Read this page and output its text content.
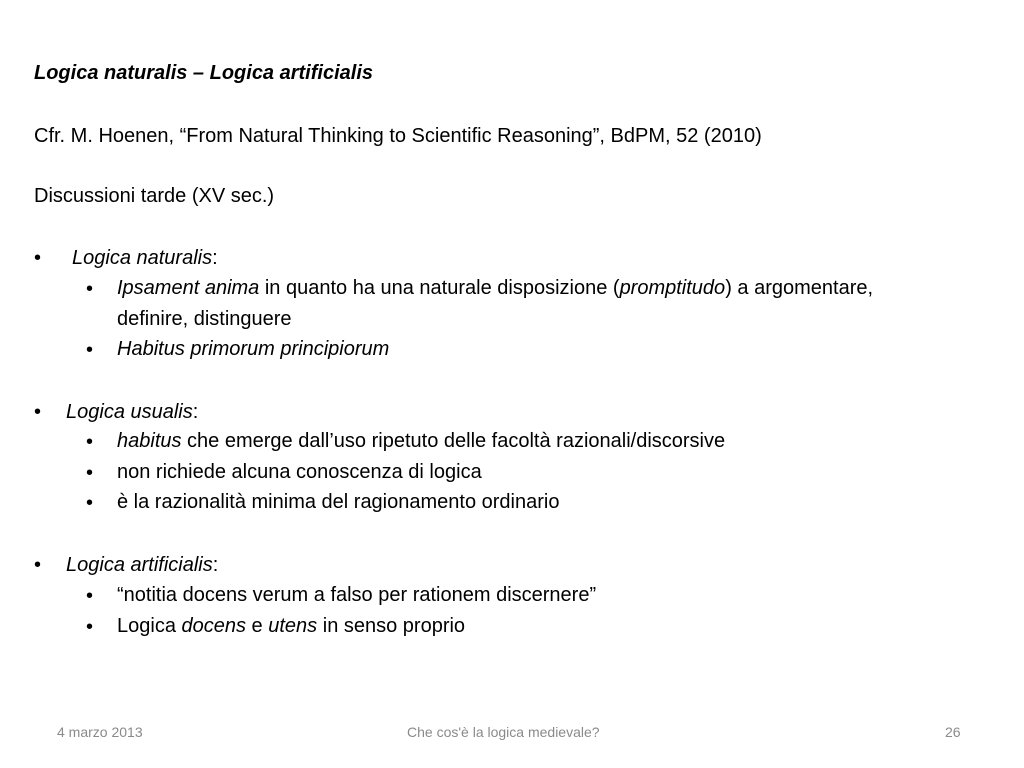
Logica naturalis – Logica artificialis
Cfr. M. Hoenen, “From Natural Thinking to Scientific Reasoning”, BdPM, 52 (2010)
Discussioni tarde (XV sec.)
• Logica naturalis:
• Ipsament anima in quanto ha una naturale disposizione (promptitudo) a argomentare, definire, distinguere
• Habitus primorum principiorum
• Logica usualis:
• habitus che emerge dall’uso ripetuto delle facoltà razionali/discorsive
• non richiede alcuna conoscenza di logica
• è la razionalità minima del ragionamento ordinario
• Logica artificialis:
• “notitia docens verum a falso per rationem discernere”
• Logica docens e utens in senso proprio
4 marzo 2013	Che cos'è la logica medievale?	26
